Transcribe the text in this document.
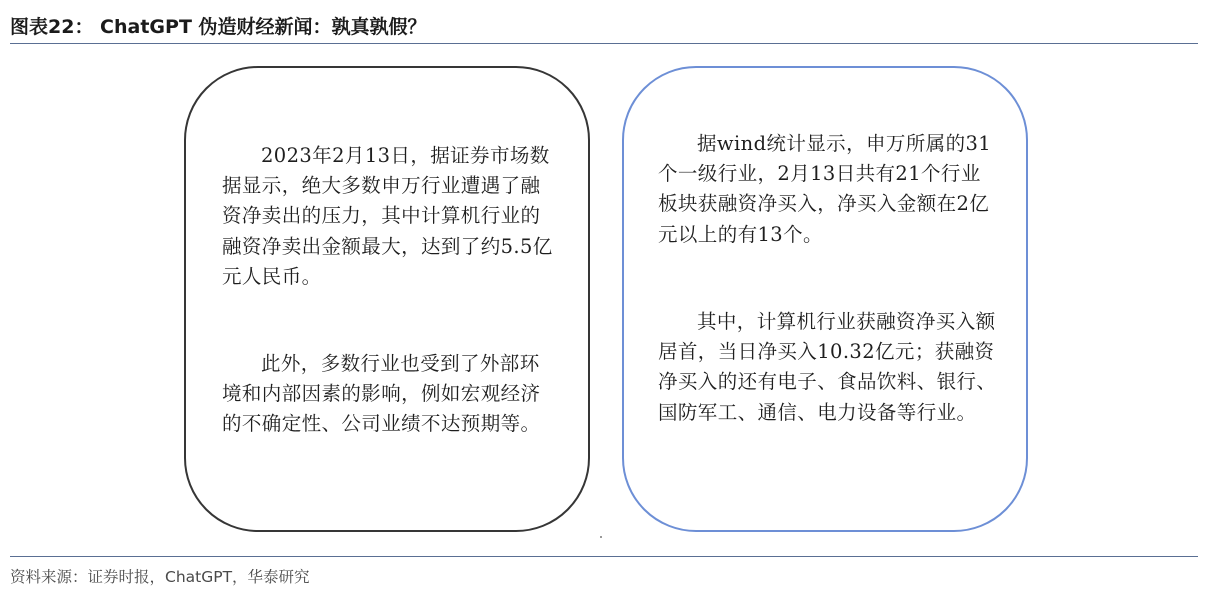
图表22： ChatGPT 伪造财经新闻：孰真孰假？

2023年2月13日，据证券市场数据显示，绝大多数申万行业遭遇了融资净卖出的压力，其中计算机行业的融资净卖出金额最大，达到了约5.5亿元人民币。

此外，多数行业也受到了外部环境和内部因素的影响，例如宏观经济的不确定性、公司业绩不达预期等。

据wind统计显示，申万所属的31个一级行业，2月13日共有21个行业板块获融资净买入，净买入金额在2亿元以上的有13个。

其中，计算机行业获融资净买入额居首，当日净买入10.32亿元；获融资净买入的还有电子、食品饮料、银行、国防军工、通信、电力设备等行业。

资料来源：证券时报，ChatGPT，华泰研究
